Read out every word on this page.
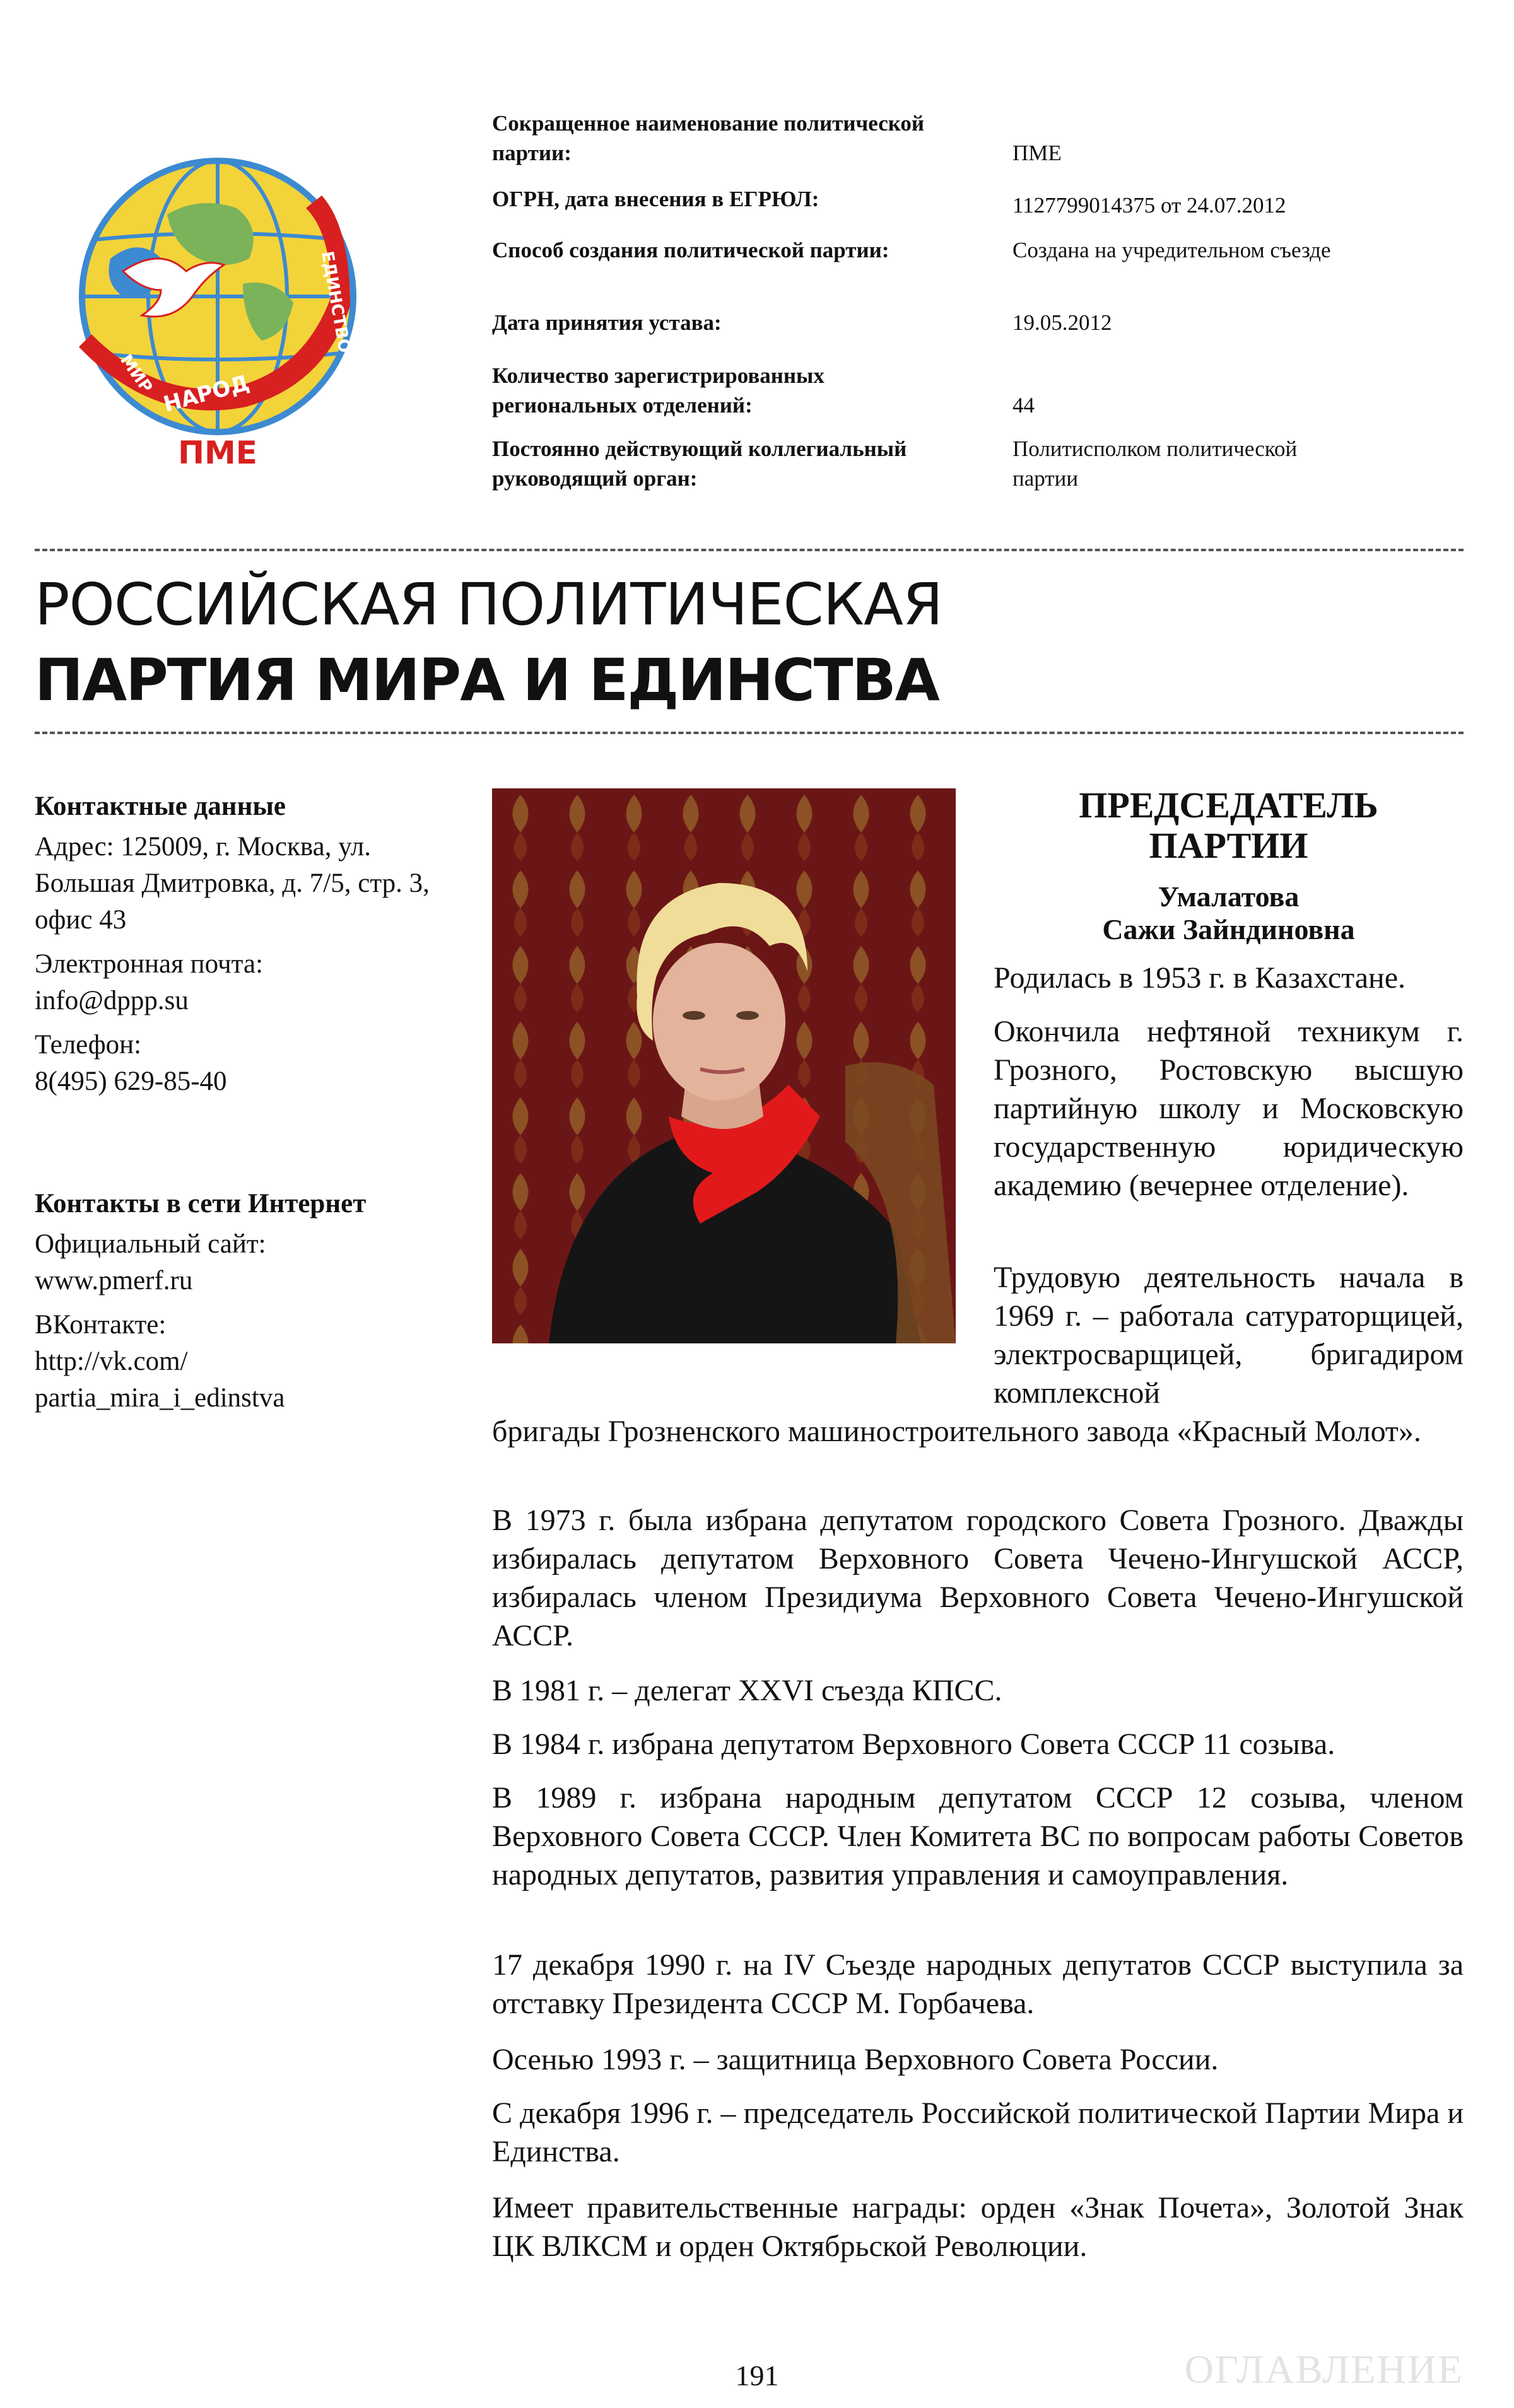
НАРОД
МИР
ЕДИНСТВО
ПМЕ
Сокращенное наименование политической партии:	ПМЕ
ОГРН, дата внесения в ЕГРЮЛ:	1127799014375 от 24.07.2012
Способ создания политической партии:	Создана на учредительном съезде
Дата принятия устава:	19.05.2012
Количество зарегистрированных региональных отделений:	44
Постоянно действующий коллегиальный руководящий орган:
Политисполком политической партии
РОССИЙСКАЯ ПОЛИТИЧЕСКАЯ
ПАРТИЯ МИРА И ЕДИНСТВА
Контактные данные

Адрес: 125009, г. Москва, ул. Большая Дмитровка, д. 7/5, стр. 3, офис 43

Электронная почта:

info@dppp.su

Телефон:

8(495) 629-85-40

Контакты в сети Интернет

Официальный сайт:

www.pmerf.ru

ВКонтакте:

http://vk.com/

partia_mira_i_edinstva

ПРЕДСЕДАТЕЛЬ
ПАРТИИ
Умалатова
Сажи Зайндиновна

Родилась в 1953 г. в Казахстане.

Окончила нефтяной техникум г. Грозного, Ростовскую высшую партийную школу и Московскую государственную юридическую академию (вечернее отделение).

Трудовую деятельность начала в 1969 г. – работала сатураторщицей, электросварщицей, бригадиром комплексной

бригады Грозненского машиностроительного завода «Красный Молот».

В 1973 г. была избрана депутатом городского Совета Грозного. Дважды избиралась депутатом Верховного Совета Чечено-Ингушской АССР, избиралась членом Президиума Верховного Совета Чечено-Ингушской АССР.

В 1981 г. – делегат XXVI съезда КПСС.

В 1984 г. избрана депутатом Верховного Совета СССР 11 созыва.

В 1989 г. избрана народным депутатом СССР 12 созыва, членом Верховного Совета СССР. Член Комитета ВС по вопросам работы Советов народных депутатов, развития управления и самоуправления.

17 декабря 1990 г. на IV Съезде народных депутатов СССР выступила за отставку Президента СССР М. Горбачева.

Осенью 1993 г. – защитница Верховного Совета России.

С декабря 1996 г. – председатель Российской политической Партии Мира и Единства.

Имеет правительственные награды: орден «Знак Почета», Золотой Знак ЦК ВЛКСМ и орден Октябрьской Революции.

191	ОГЛАВЛЕНИЕ
